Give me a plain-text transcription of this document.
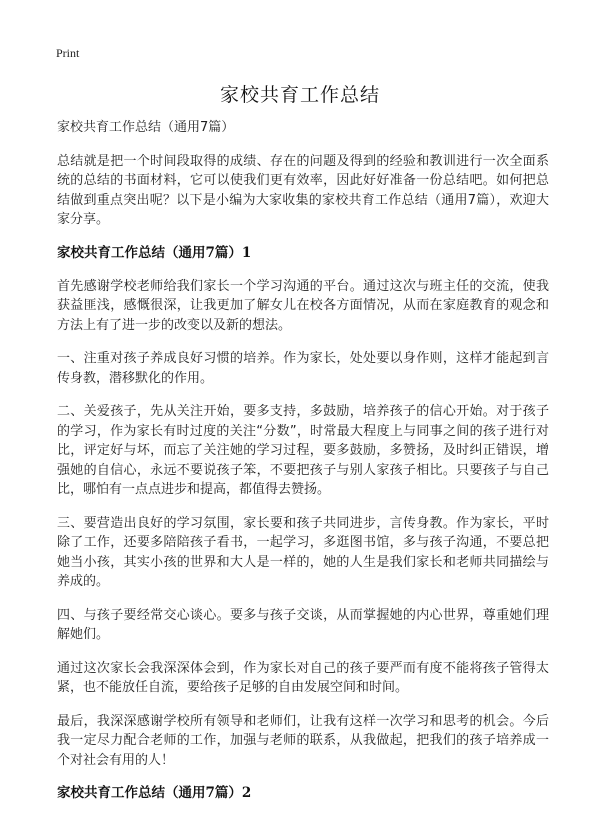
Print
家校共育工作总结

家校共育工作总结（通用7篇）

总结就是把一个时间段取得的成绩、存在的问题及得到的经验和教训进行一次全面系统的总结的书面材料，它可以使我们更有效率，因此好好准备一份总结吧。如何把总结做到重点突出呢？以下是小编为大家收集的家校共育工作总结（通用7篇），欢迎大家分享。

家校共育工作总结（通用7篇）1

首先感谢学校老师给我们家长一个学习沟通的平台。通过这次与班主任的交流，使我获益匪浅，感慨很深，让我更加了解女儿在校各方面情况，从而在家庭教育的观念和方法上有了进一步的改变以及新的想法。

一、注重对孩子养成良好习惯的培养。作为家长，处处要以身作则，这样才能起到言传身教，潜移默化的作用。

二、关爱孩子，先从关注开始，要多支持，多鼓励，培养孩子的信心开始。对于孩子的学习，作为家长有时过度的关注“分数”，时常最大程度上与同事之间的孩子进行对比，评定好与坏，而忘了关注她的学习过程，要多鼓励，多赞扬，及时纠正错误，增强她的自信心，永远不要说孩子笨，不要把孩子与别人家孩子相比。只要孩子与自己比，哪怕有一点点进步和提高，都值得去赞扬。

三、要营造出良好的学习氛围，家长要和孩子共同进步，言传身教。作为家长，平时除了工作，还要多陪陪孩子看书，一起学习，多逛图书馆，多与孩子沟通，不要总把她当小孩，其实小孩的世界和大人是一样的，她的人生是我们家长和老师共同描绘与养成的。

四、与孩子要经常交心谈心。要多与孩子交谈，从而掌握她的内心世界，尊重她们理解她们。

通过这次家长会我深深体会到，作为家长对自己的孩子要严而有度不能将孩子管得太紧，也不能放任自流，要给孩子足够的自由发展空间和时间。

最后，我深深感谢学校所有领导和老师们，让我有这样一次学习和思考的机会。今后我一定尽力配合老师的工作，加强与老师的联系，从我做起，把我们的孩子培养成一个对社会有用的人！

家校共育工作总结（通用7篇）2
